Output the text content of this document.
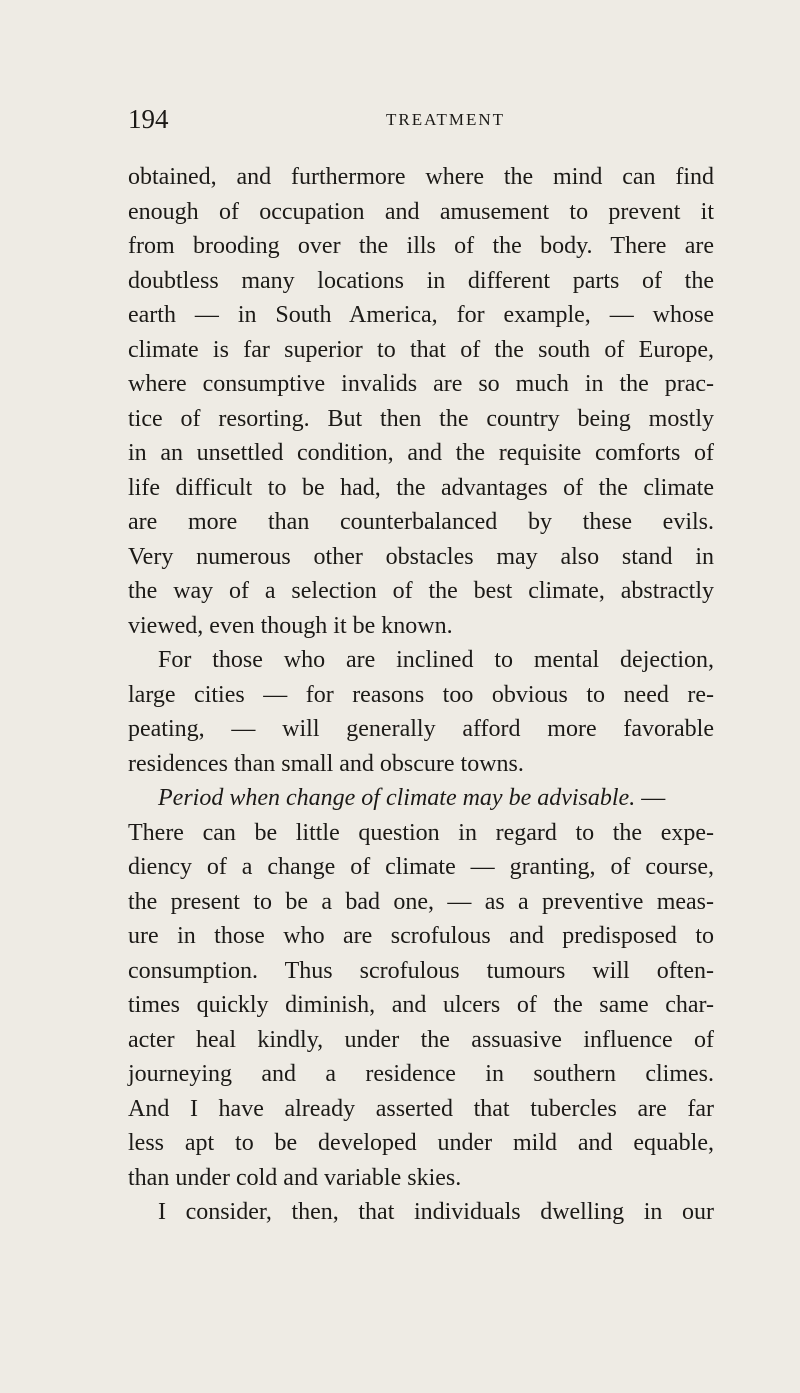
194	TREATMENT
obtained, and furthermore where the mind can find
enough of occupation and amusement to prevent it
from brooding over the ills of the body. There are
doubtless many locations in different parts of the
earth — in South America, for example, — whose
climate is far superior to that of the south of Europe,
where consumptive invalids are so much in the prac-
tice of resorting. But then the country being mostly
in an unsettled condition, and the requisite comforts of
life difficult to be had, the advantages of the climate
are more than counterbalanced by these evils.
Very numerous other obstacles may also stand in
the way of a selection of the best climate, abstractly
viewed, even though it be known.
For those who are inclined to mental dejection,
large cities — for reasons too obvious to need re-
peating, — will generally afford more favorable
residences than small and obscure towns.
Period when change of climate may be advisable. —
There can be little question in regard to the expe-
diency of a change of climate — granting, of course,
the present to be a bad one, — as a preventive meas-
ure in those who are scrofulous and predisposed to
consumption. Thus scrofulous tumours will often-
times quickly diminish, and ulcers of the same char-
acter heal kindly, under the assuasive influence of
journeying and a residence in southern climes.
And I have already asserted that tubercles are far
less apt to be developed under mild and equable,
than under cold and variable skies.
I consider, then, that individuals dwelling in our
